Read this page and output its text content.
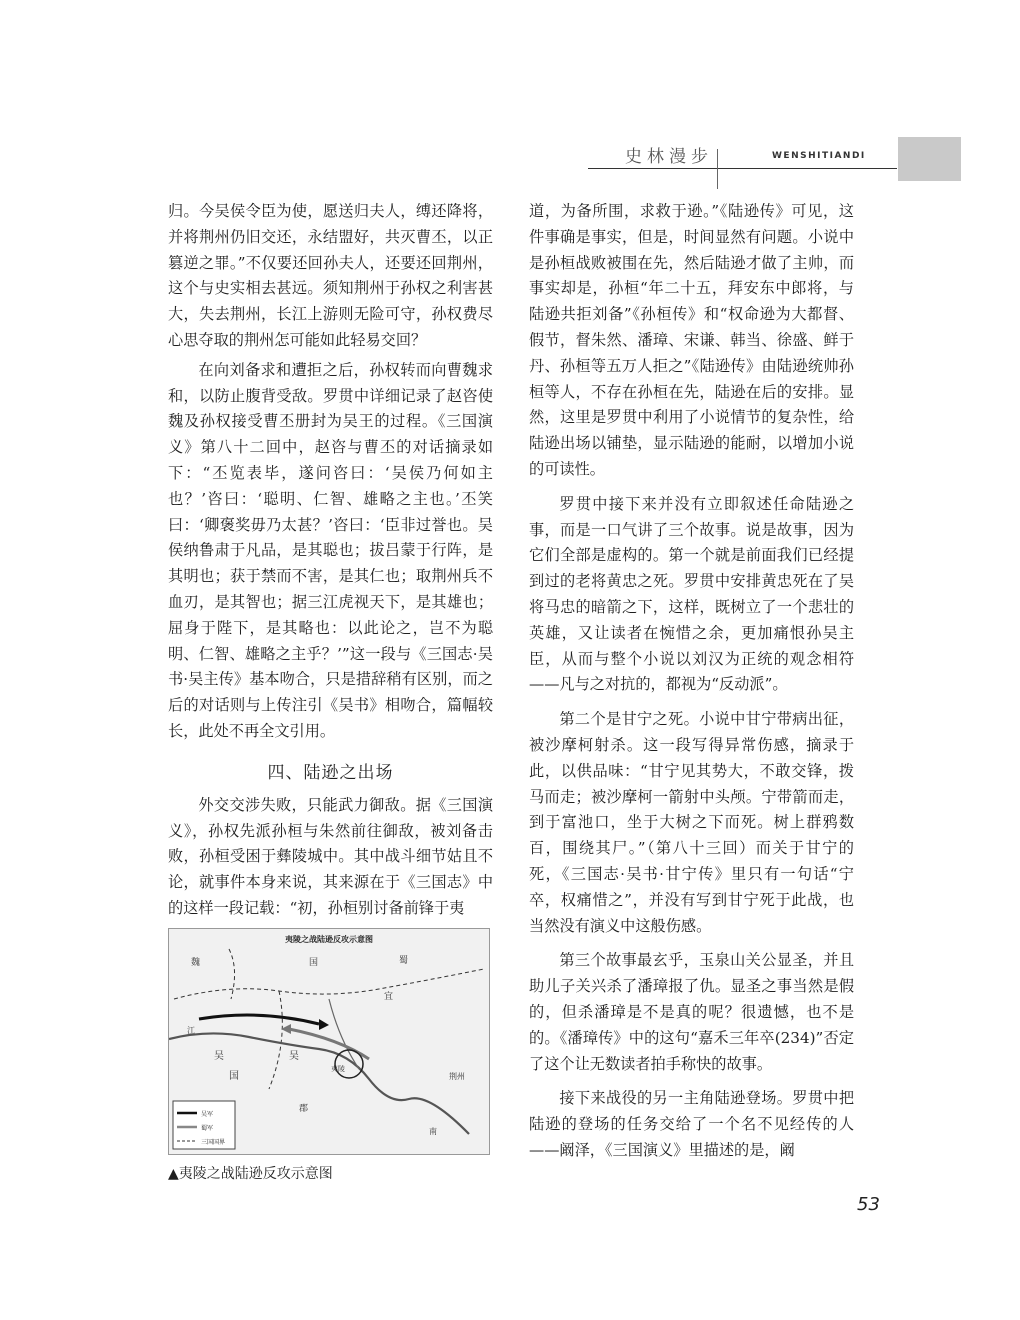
史林漫步	WENSHITIANDI

归。今吴侯令臣为使，愿送归夫人，缚还降将，并将荆州仍旧交还，永结盟好，共灭曹丕，以正篡逆之罪。”不仅要还回孙夫人，还要还回荆州，这个与史实相去甚远。须知荆州于孙权之利害甚大，失去荆州，长江上游则无险可守，孙权费尽心思夺取的荆州怎可能如此轻易交回？

在向刘备求和遭拒之后，孙权转而向曹魏求和，以防止腹背受敌。罗贯中详细记录了赵咨使魏及孙权接受曹丕册封为吴王的过程。《三国演义》第八十二回中，赵咨与曹丕的对话摘录如下：“丕览表毕，遂问咨曰：‘吴侯乃何如主也？’咨曰：‘聪明、仁智、雄略之主也。’丕笑曰：‘卿褒奖毋乃太甚？’咨曰：‘臣非过誉也。吴侯纳鲁肃于凡品，是其聪也；拔吕蒙于行阵，是其明也；获于禁而不害，是其仁也；取荆州兵不血刃，是其智也；据三江虎视天下，是其雄也；屈身于陛下，是其略也：以此论之，岂不为聪明、仁智、雄略之主乎？’”这一段与《三国志·吴书·吴主传》基本吻合，只是措辞稍有区别，而之后的对话则与上传注引《吴书》相吻合，篇幅较长，此处不再全文引用。

四、陆逊之出场

外交交涉失败，只能武力御敌。据《三国演义》，孙权先派孙桓与朱然前往御敌，被刘备击败，孙桓受困于彝陵城中。其中战斗细节姑且不论，就事件本身来说，其来源在于《三国志》中的这样一段记载：“初，孙桓别讨备前锋于夷

道，为备所围，求救于逊。”《陆逊传》可见，这件事确是事实，但是，时间显然有问题。小说中是孙桓战败被围在先，然后陆逊才做了主帅，而事实却是，孙桓“年二十五，拜安东中郎将，与陆逊共拒刘备”《孙桓传》和“权命逊为大都督、假节，督朱然、潘璋、宋谦、韩当、徐盛、鲜于丹、孙桓等五万人拒之”《陆逊传》由陆逊统帅孙桓等人，不存在孙桓在先，陆逊在后的安排。显然，这里是罗贯中利用了小说情节的复杂性，给陆逊出场以铺垫，显示陆逊的能耐，以增加小说的可读性。

罗贯中接下来并没有立即叙述任命陆逊之事，而是一口气讲了三个故事。说是故事，因为它们全部是虚构的。第一个就是前面我们已经提到过的老将黄忠之死。罗贯中安排黄忠死在了吴将马忠的暗箭之下，这样，既树立了一个悲壮的英雄，又让读者在惋惜之余，更加痛恨孙吴主臣，从而与整个小说以刘汉为正统的观念相符——凡与之对抗的，都视为“反动派”。

第二个是甘宁之死。小说中甘宁带病出征，被沙摩柯射杀。这一段写得异常伤感，摘录于此，以供品味：“甘宁见其势大，不敢交锋，拨马而走；被沙摩柯一箭射中头颅。宁带箭而走，到于富池口，坐于大树之下而死。树上群鸦数百，围绕其尸。”（第八十三回）而关于甘宁的死，《三国志·吴书·甘宁传》里只有一句话“宁卒，权痛惜之”，并没有写到甘宁死于此战，也当然没有演义中这般伤感。

第三个故事最玄乎，玉泉山关公显圣，并且助儿子关兴杀了潘璋报了仇。显圣之事当然是假的，但杀潘璋是不是真的呢？很遗憾，也不是的。《潘璋传》中的这句“嘉禾三年卒(234)”否定了这个让无数读者拍手称快的故事。

接下来战役的另一主角陆逊登场。罗贯中把陆逊的登场的任务交给了一个名不见经传的人——阚泽，《三国演义》里描述的是，阚

夷陵之战陆逊反攻示意图
魏	国	蜀
吴
国
宜
吴
郡
荆州
江
夷陵
南
吴军
蜀军
三国国界
▲夷陵之战陆逊反攻示意图
53
